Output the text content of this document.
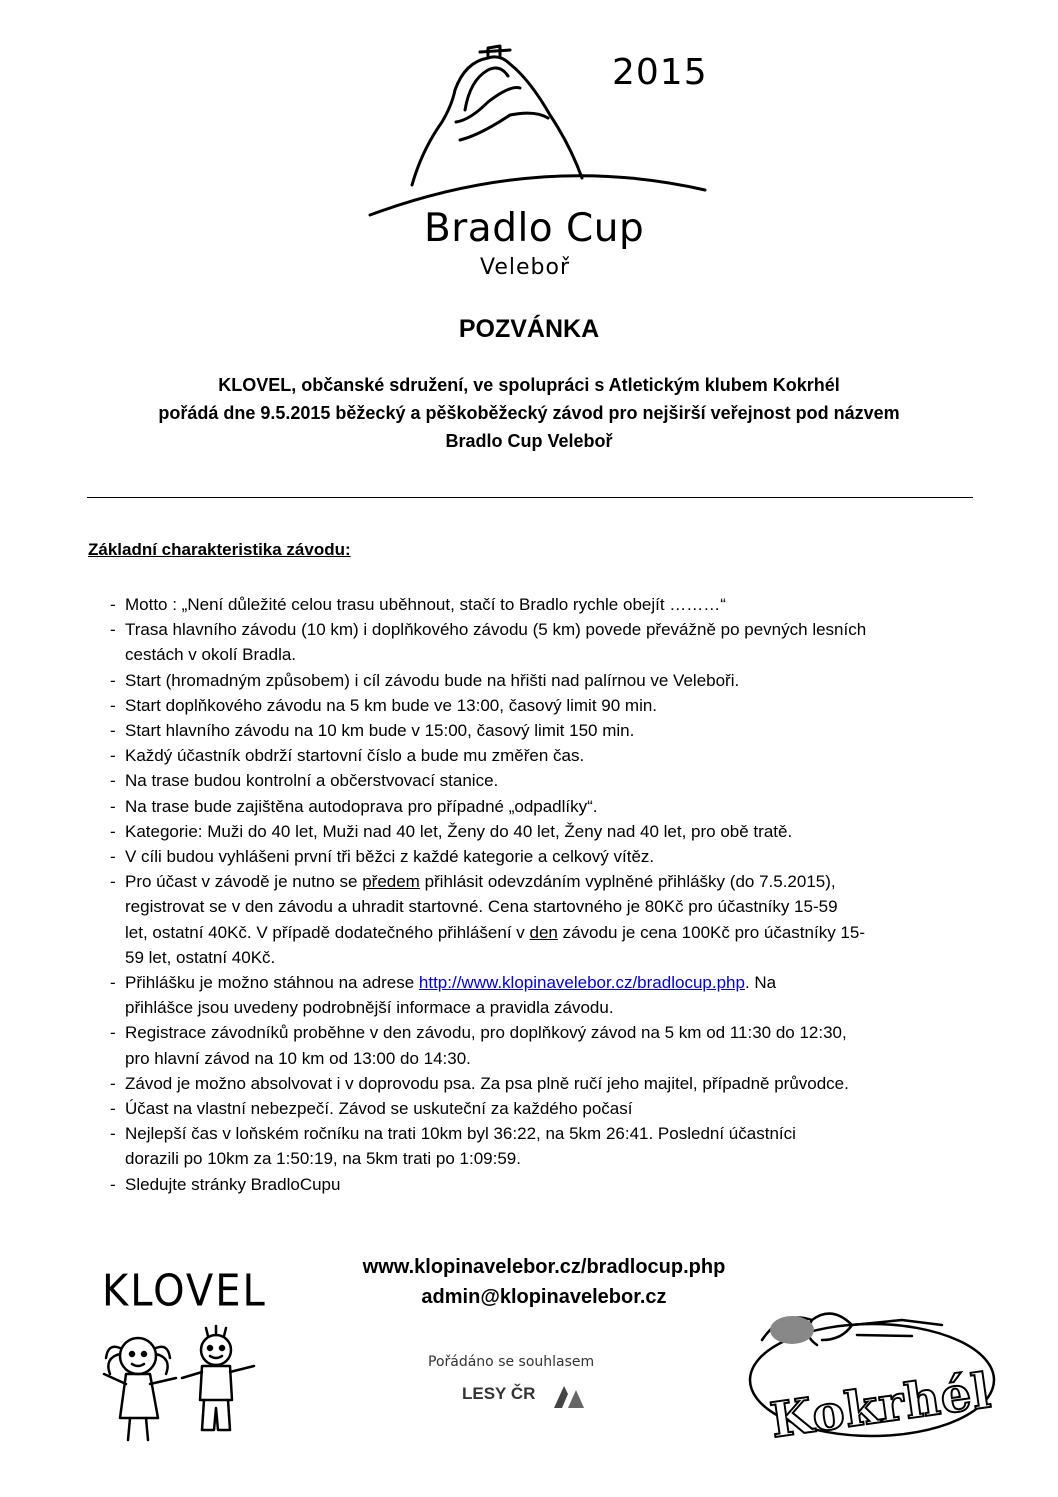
2015
Bradlo Cup
Veleboř
POZVÁNKA
KLOVEL, občanské sdružení, ve spolupráci s Atletickým klubem Kokrhél
pořádá dne 9.5.2015 běžecký a pěškoběžecký závod pro nejširší veřejnost pod názvem
Bradlo Cup Veleboř
Základní charakteristika závodu:
- Motto : „Není důležité celou trasu uběhnout, stačí to Bradlo rychle obejít ………“
- Trasa hlavního závodu (10 km) i doplňkového závodu (5 km) povede převážně po pevných lesních
cestách v okolí Bradla.
- Start (hromadným způsobem) i cíl závodu bude na hřišti nad palírnou ve Veleboři.
- Start doplňkového závodu na 5 km bude ve 13:00, časový limit 90 min.
- Start hlavního závodu na 10 km bude v 15:00, časový limit 150 min.
- Každý účastník obdrží startovní číslo a bude mu změřen čas.
- Na trase budou kontrolní a občerstvovací stanice.
- Na trase bude zajištěna autodoprava pro případné „odpadlíky“.
- Kategorie: Muži do 40 let, Muži nad 40 let, Ženy do 40 let, Ženy nad 40 let, pro obě tratě.
- V cíli budou vyhlášeni první tři běžci z každé kategorie a celkový vítěz.
- Pro účast v závodě je nutno se předem přihlásit odevzdáním vyplněné přihlášky (do 7.5.2015),
registrovat se v den závodu a uhradit startovné. Cena startovného je 80Kč pro účastníky 15-59
let, ostatní 40Kč. V případě dodatečného přihlášení v den závodu je cena 100Kč pro účastníky 15-
59 let, ostatní 40Kč.
- Přihlášku je možno stáhnou na adrese http://www.klopinavelebor.cz/bradlocup.php. Na
přihlášce jsou uvedeny podrobnější informace a pravidla závodu.
- Registrace závodníků proběhne v den závodu, pro doplňkový závod na 5 km od 11:30 do 12:30,
pro hlavní závod na 10 km od 13:00 do 14:30.
- Závod je možno absolvovat i v doprovodu psa. Za psa plně ručí jeho majitel, případně průvodce.
- Účast na vlastní nebezpečí. Závod se uskuteční za každého počasí
- Nejlepší čas v loňském ročníku na trati 10km byl 36:22, na 5km 26:41. Poslední účastníci
dorazili po 10km za 1:50:19, na 5km trati po 1:09:59.
- Sledujte stránky BradloCupu
www.klopinavelebor.cz/bradlocup.php
admin@klopinavelebor.cz
KLOVEL
Pořádáno se souhlasem
LESY ČR	Kokrhél
